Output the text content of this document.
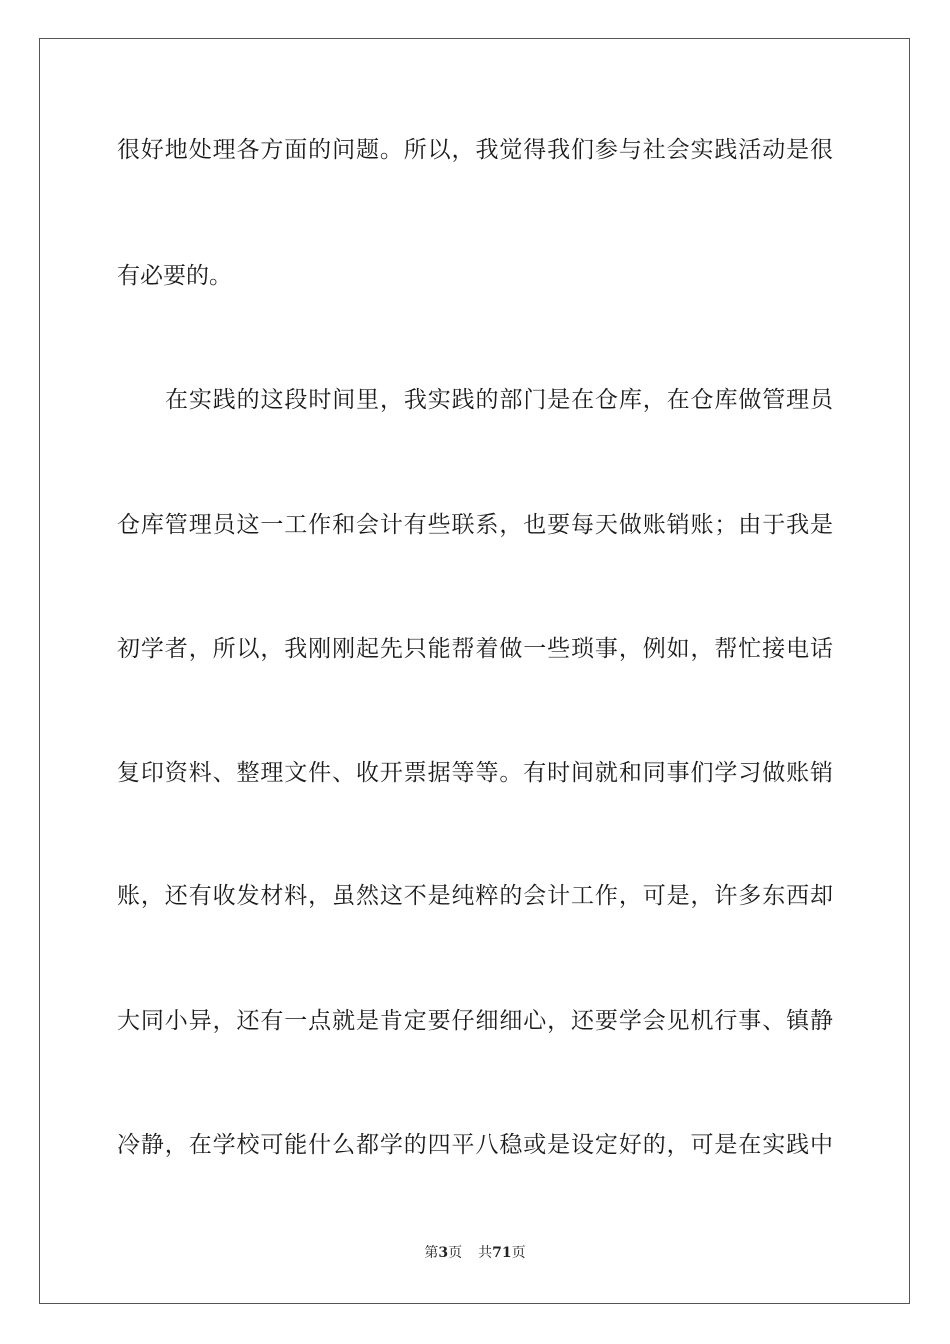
很好地处理各方面的问题。所以，我觉得我们参与社会实践活动是很
有必要的。
在实践的这段时间里，我实践的部门是在仓库，在仓库做管理员
仓库管理员这一工作和会计有些联系，也要每天做账销账；由于我是
初学者，所以，我刚刚起先只能帮着做一些琐事，例如，帮忙接电话
复印资料、整理文件、收开票据等等。有时间就和同事们学习做账销
账，还有收发材料，虽然这不是纯粹的会计工作，可是，许多东西却
大同小异，还有一点就是肯定要仔细细心，还要学会见机行事、镇静
冷静，在学校可能什么都学的四平八稳或是设定好的，可是在实践中
第3页 共71页
